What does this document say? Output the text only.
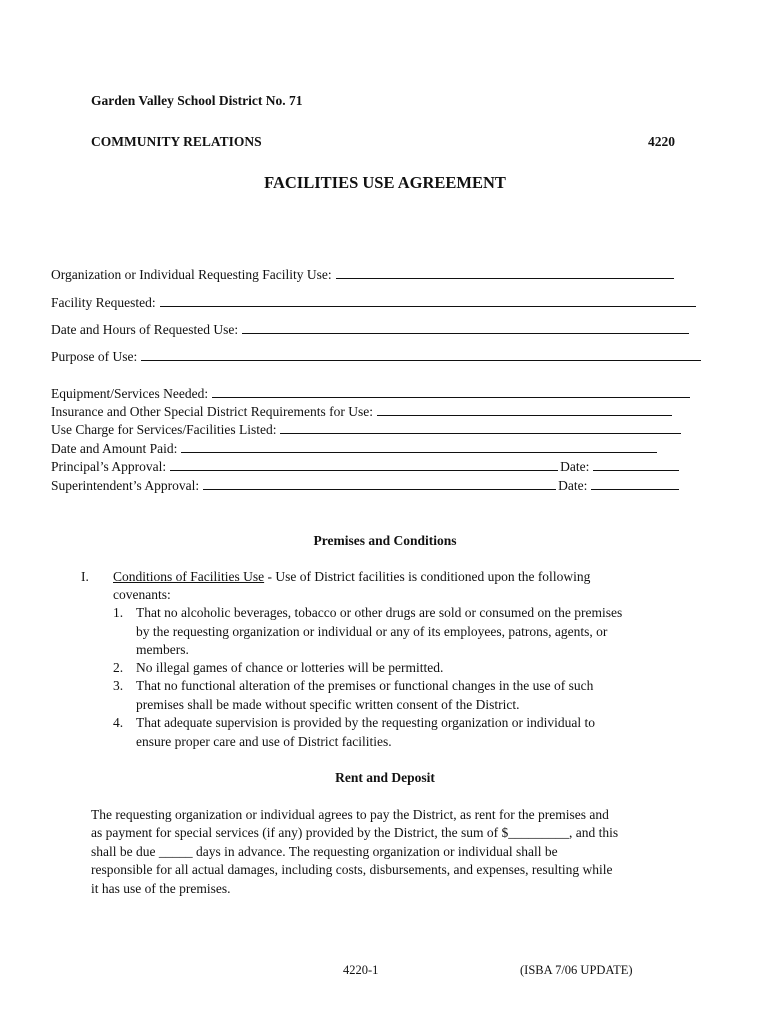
Garden Valley School District No. 71
COMMUNITY RELATIONS	4220
FACILITIES USE AGREEMENT
Organization or Individual Requesting Facility Use:
Facility Requested:
Date and Hours of Requested Use:
Purpose of Use:
Equipment/Services Needed:
Insurance and Other Special District Requirements for Use:
Use Charge for Services/Facilities Listed:
Date and Amount Paid:
Principal’s Approval:	Date:
Superintendent’s Approval:	Date:
Premises and Conditions
I. Conditions of Facilities Use - Use of District facilities is conditioned upon the following
covenants:
1. That no alcoholic beverages, tobacco or other drugs are sold or consumed on the premises
by the requesting organization or individual or any of its employees, patrons, agents, or
members.
2. No illegal games of chance or lotteries will be permitted.
3. That no functional alteration of the premises or functional changes in the use of such
premises shall be made without specific written consent of the District.
4. That adequate supervision is provided by the requesting organization or individual to
ensure proper care and use of District facilities.
Rent and Deposit
The requesting organization or individual agrees to pay the District, as rent for the premises and
as payment for special services (if any) provided by the District, the sum of $_________, and this
shall be due _____ days in advance. The requesting organization or individual shall be
responsible for all actual damages, including costs, disbursements, and expenses, resulting while
it has use of the premises.
4220-1	(ISBA 7/06 UPDATE)
